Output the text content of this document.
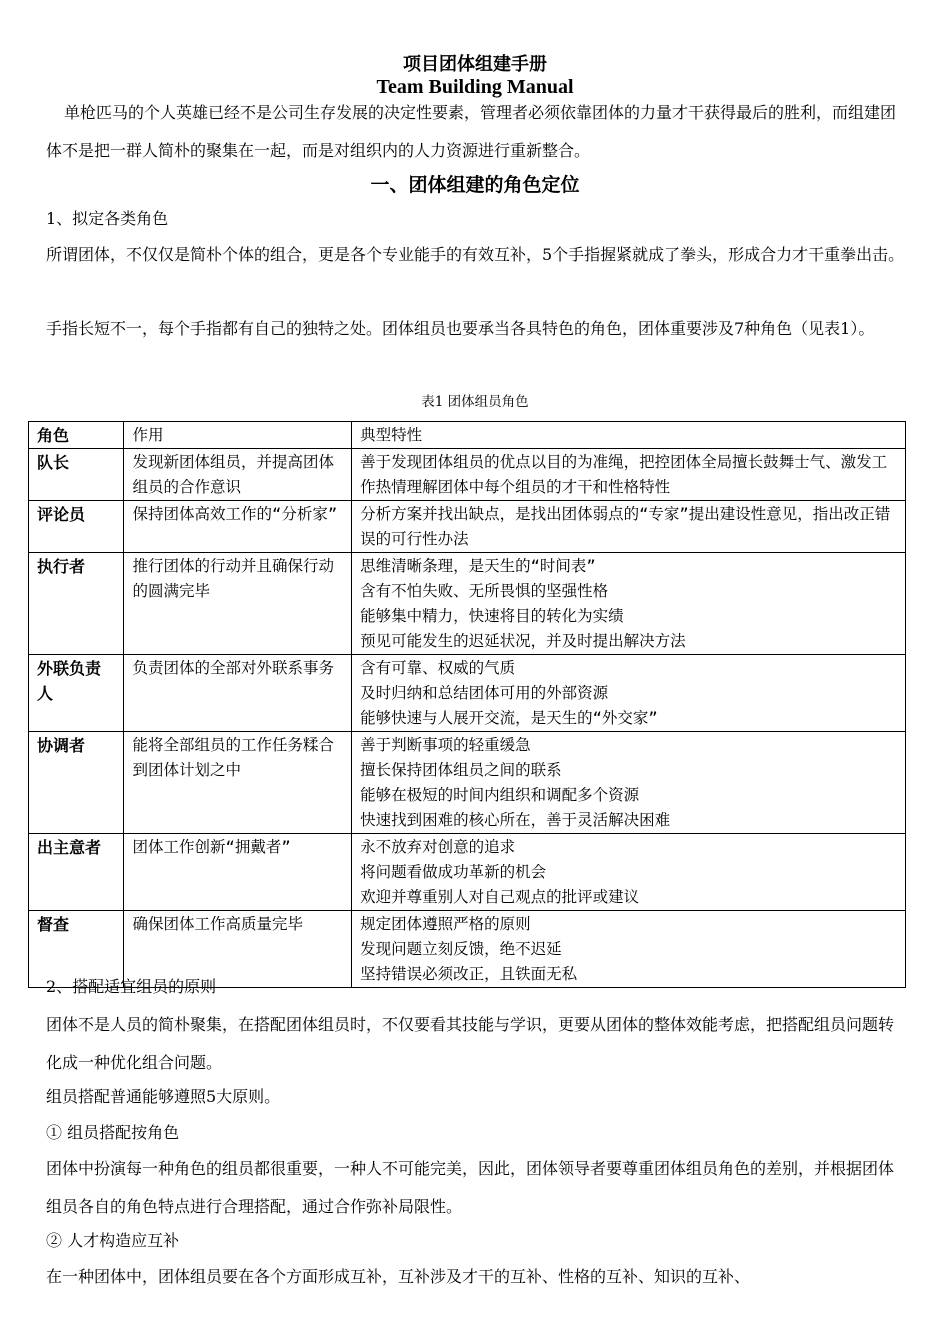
项目团体组建手册
Team Building Manual
单枪匹马的个人英雄已经不是公司生存发展的决定性要素，管理者必须依靠团体的力量才干获得最后的胜利，而组建团体不是把一群人简朴的聚集在一起，而是对组织内的人力资源进行重新整合。
一、团体组建的角色定位
1、拟定各类角色
所谓团体，不仅仅是简朴个体的组合，更是各个专业能手的有效互补，5个手指握紧就成了拳头，形成合力才干重拳出击。
手指长短不一，每个手指都有自己的独特之处。团体组员也要承当各具特色的角色，团体重要涉及7种角色（见表1）。
表1 团体组员角色
角色	作用	典型特性
队长	发现新团体组员，并提高团体组员的合作意识	善于发现团体组员的优点以目的为准绳，把控团体全局擅长鼓舞士气、激发工作热情理解团体中每个组员的才干和性格特性

评论员	保持团体高效工作的“分析家”	分析方案并找出缺点，是找出团体弱点的“专家”提出建设性意见，指出改正错误的可行性办法

执行者	推行团体的行动并且确保行动的圆满完毕	思维清晰条理，是天生的“时间表”
含有不怕失败、无所畏惧的坚强性格
能够集中精力，快速将目的转化为实绩
预见可能发生的迟延状况，并及时提出解决方法

外联负责人	负责团体的全部对外联系事务	含有可靠、权威的气质
及时归纳和总结团体可用的外部资源
能够快速与人展开交流，是天生的“外交家”

协调者	能将全部组员的工作任务糅合到团体计划之中	善于判断事项的轻重缓急
擅长保持团体组员之间的联系
能够在极短的时间内组织和调配多个资源
快速找到困难的核心所在，善于灵活解决困难

出主意者	团体工作创新“拥戴者”	永不放弃对创意的追求
将问题看做成功革新的机会
欢迎并尊重别人对自己观点的批评或建议

督查	确保团体工作高质量完毕	规定团体遵照严格的原则
发现问题立刻反馈，绝不迟延
坚持错误必须改正，且铁面无私
2、搭配适宜组员的原则
团体不是人员的简朴聚集，在搭配团体组员时，不仅要看其技能与学识，更要从团体的整体效能考虑，把搭配组员问题转化成一种优化组合问题。
组员搭配普通能够遵照5大原则。
① 组员搭配按角色
团体中扮演每一种角色的组员都很重要，一种人不可能完美，因此，团体领导者要尊重团体组员角色的差别，并根据团体组员各自的角色特点进行合理搭配，通过合作弥补局限性。
② 人才构造应互补
在一种团体中，团体组员要在各个方面形成互补，互补涉及才干的互补、性格的互补、知识的互补、
